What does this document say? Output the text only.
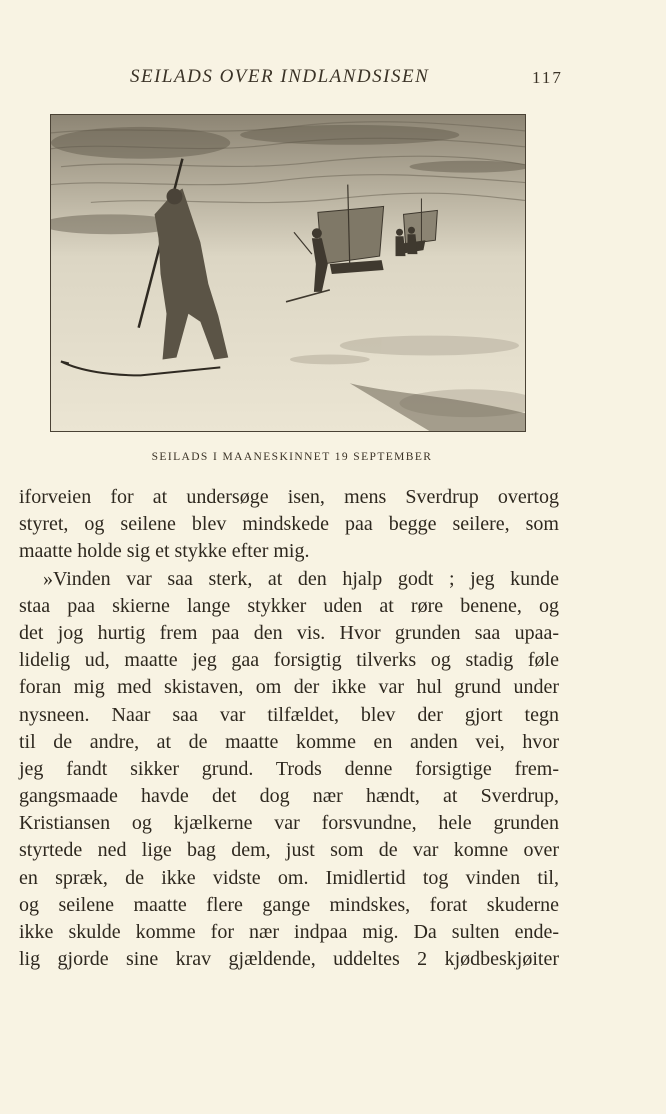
SEILADS OVER INDLANDSISEN	117
SEILADS I MAANESKINNET 19 SEPTEMBER
iforveien for at undersøge isen, mens Sverdrup overtog
styret, og seilene blev mindskede paa begge seilere, som
maatte holde sig et stykke efter mig.
»Vinden var saa sterk, at den hjalp godt ; jeg kunde
staa paa skierne lange stykker uden at røre benene, og
det jog hurtig frem paa den vis. Hvor grunden saa upaa-
lidelig ud, maatte jeg gaa forsigtig tilverks og stadig føle
foran mig med skistaven, om der ikke var hul grund under
nysneen. Naar saa var tilfældet, blev der gjort tegn
til de andre, at de maatte komme en anden vei, hvor
jeg fandt sikker grund. Trods denne forsigtige frem-
gangsmaade havde det dog nær hændt, at Sverdrup,
Kristiansen og kjælkerne var forsvundne, hele grunden
styrtede ned lige bag dem, just som de var komne over
en spræk, de ikke vidste om. Imidlertid tog vinden til,
og seilene maatte flere gange mindskes, forat skuderne
ikke skulde komme for nær indpaa mig. Da sulten ende-
lig gjorde sine krav gjældende, uddeltes 2 kjødbeskjøiter
